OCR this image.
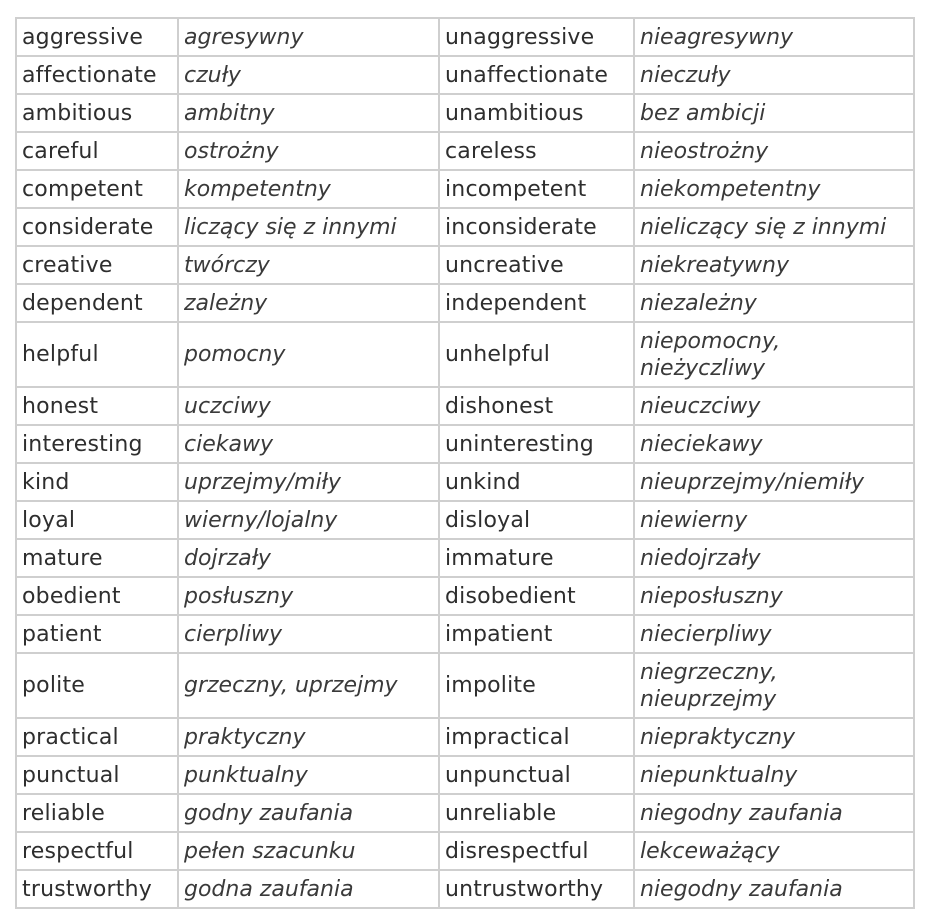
aggressive	agresywny	unaggressive	nieagresywny
affectionate	czuły	unaffectionate	nieczuły
ambitious	ambitny	unambitious	bez ambicji
careful	ostrożny	careless	nieostrożny
competent	kompetentny	incompetent	niekompetentny
considerate	liczący się z innymi	inconsiderate	nieliczący się z innymi
creative	twórczy	uncreative	niekreatywny
dependent	zależny	independent	niezależny
helpful	pomocny	unhelpful	niepomocny, nieżyczliwy
honest	uczciwy	dishonest	nieuczciwy
interesting	ciekawy	uninteresting	nieciekawy
kind	uprzejmy/miły	unkind	nieuprzejmy/niemiły
loyal	wierny/lojalny	disloyal	niewierny
mature	dojrzały	immature	niedojrzały
obedient	posłuszny	disobedient	nieposłuszny
patient	cierpliwy	impatient	niecierpliwy
polite	grzeczny, uprzejmy	impolite	niegrzeczny, nieuprzejmy
practical	praktyczny	impractical	niepraktyczny
punctual	punktualny	unpunctual	niepunktualny
reliable	godny zaufania	unreliable	niegodny zaufania
respectful	pełen szacunku	disrespectful	lekceważący
trustworthy	godna zaufania	untrustworthy	niegodny zaufania
